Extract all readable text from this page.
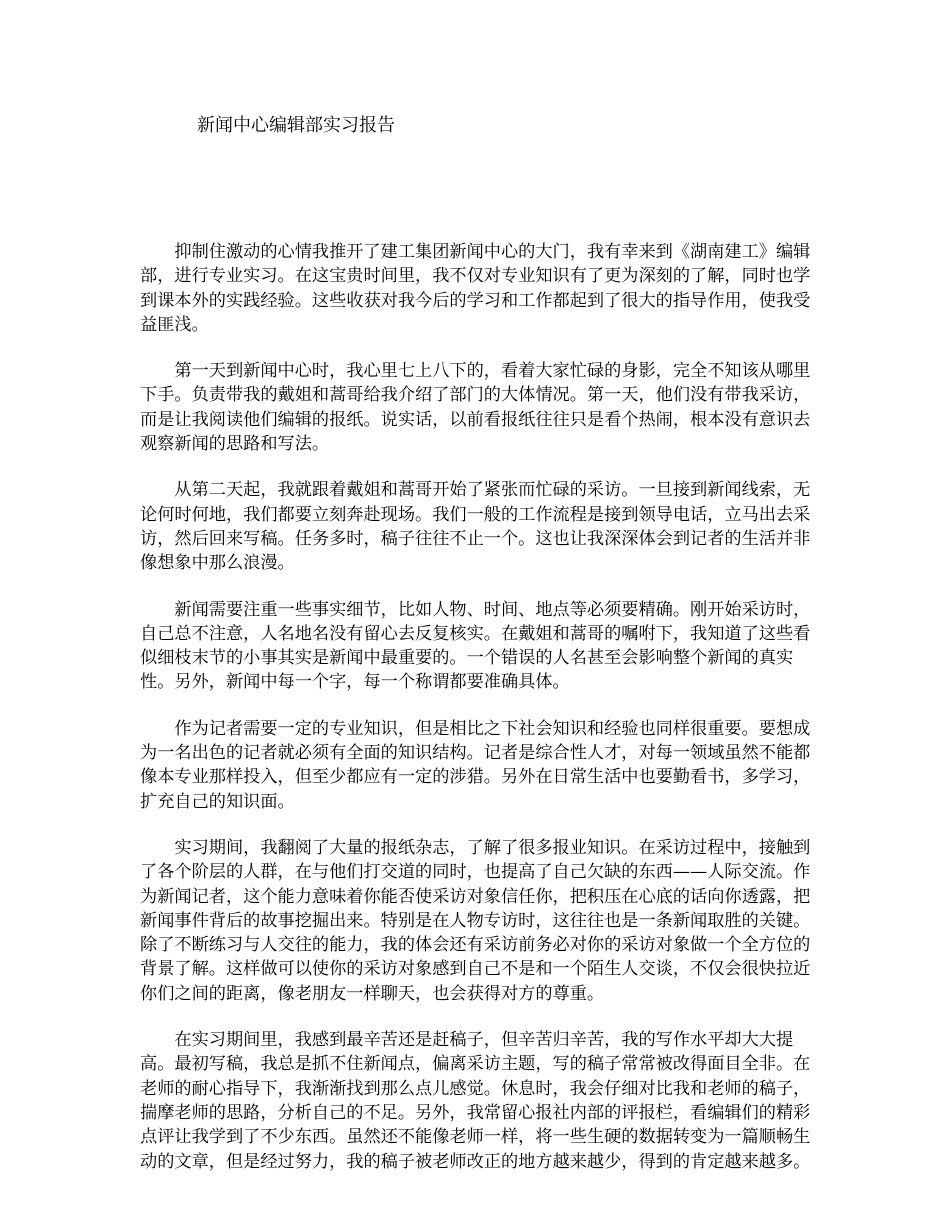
新闻中心编辑部实习报告

抑制住激动的心情我推开了建工集团新闻中心的大门，我有幸来到《湖南建工》编辑部，进行专业实习。在这宝贵时间里，我不仅对专业知识有了更为深刻的了解，同时也学到课本外的实践经验。这些收获对我今后的学习和工作都起到了很大的指导作用，使我受益匪浅。

第一天到新闻中心时，我心里七上八下的，看着大家忙碌的身影，完全不知该从哪里下手。负责带我的戴姐和蒿哥给我介绍了部门的大体情况。第一天，他们没有带我采访，而是让我阅读他们编辑的报纸。说实话，以前看报纸往往只是看个热闹，根本没有意识去观察新闻的思路和写法。

从第二天起，我就跟着戴姐和蒿哥开始了紧张而忙碌的采访。一旦接到新闻线索，无论何时何地，我们都要立刻奔赴现场。我们一般的工作流程是接到领导电话，立马出去采访，然后回来写稿。任务多时，稿子往往不止一个。这也让我深深体会到记者的生活并非像想象中那么浪漫。

新闻需要注重一些事实细节，比如人物、时间、地点等必须要精确。刚开始采访时，自己总不注意，人名地名没有留心去反复核实。在戴姐和蒿哥的嘱咐下，我知道了这些看似细枝末节的小事其实是新闻中最重要的。一个错误的人名甚至会影响整个新闻的真实性。另外，新闻中每一个字，每一个称谓都要准确具体。

作为记者需要一定的专业知识，但是相比之下社会知识和经验也同样很重要。要想成为一名出色的记者就必须有全面的知识结构。记者是综合性人才，对每一领域虽然不能都像本专业那样投入，但至少都应有一定的涉猎。另外在日常生活中也要勤看书，多学习，扩充自己的知识面。

实习期间，我翻阅了大量的报纸杂志，了解了很多报业知识。在采访过程中，接触到了各个阶层的人群，在与他们打交道的同时，也提高了自己欠缺的东西——人际交流。作为新闻记者，这个能力意味着你能否使采访对象信任你，把积压在心底的话向你透露，把新闻事件背后的故事挖掘出来。特别是在人物专访时，这往往也是一条新闻取胜的关键。除了不断练习与人交往的能力，我的体会还有采访前务必对你的采访对象做一个全方位的背景了解。这样做可以使你的采访对象感到自己不是和一个陌生人交谈，不仅会很快拉近你们之间的距离，像老朋友一样聊天，也会获得对方的尊重。

在实习期间里，我感到最辛苦还是赶稿子，但辛苦归辛苦，我的写作水平却大大提高。最初写稿，我总是抓不住新闻点，偏离采访主题，写的稿子常常被改得面目全非。在老师的耐心指导下，我渐渐找到那么点儿感觉。休息时，我会仔细对比我和老师的稿子，揣摩老师的思路，分析自己的不足。另外，我常留心报社内部的评报栏，看编辑们的精彩点评让我学到了不少东西。虽然还不能像老师一样，将一些生硬的数据转变为一篇顺畅生动的文章，但是经过努力，我的稿子被老师改正的地方越来越少，得到的肯定越来越多。
